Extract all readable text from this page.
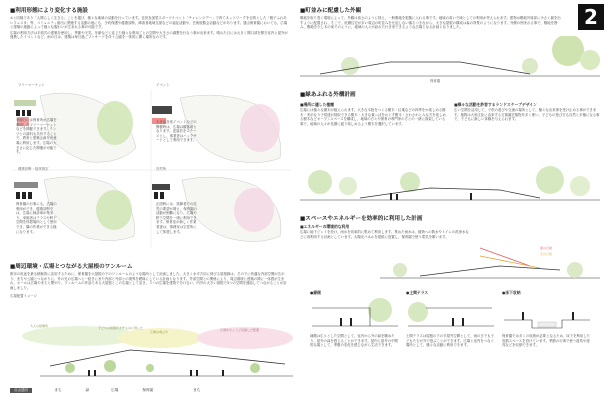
2
■利用形態により変化する施設
①と同様であり「人間らしく生きる」ことを掲げ、様々な地域の活動を行っています。住民参加型スポーツイベント「チャレンジデー」子育てネットワークを目的とした「親子ふれあいフェスタ」等、コミュニティ創出に関連する活動の他にも、予約保護や健康診断、障害者地域支援などの福祉活動や、芸術展覧会活動などがあります。通山保育園においても、広場と建築の連動によって様々な賑わいが生まれる事が可能です。
広場の利用方法は平面式の建築を使用し、季節や天気、年齢などに応じた様々な利用ごとの空間や大きさの調整を行なう事が出来ます。晴れた日には大きく開口部を開き室内と屋外が連携したイベントなど、雨の日は、建築は毎日過ごファサードを伴う公園を一体的に開く場所なのです。
フリーマーケット	イベント
健康診断・接体指定	託児所
来館日には保育所が広場を利用したフリーマーケットなどを開催できます。テンツとの資料も共有することで、教育と建築企画を有意義に利用します。広場の大きさに応じた開催が可能です。
大きな音楽イベントなどの開催時は、広場は観客席となります。逆雇若をステージとし、事業者はバックサードとして利用できます。
保育園の行事にも、広場の利用ができ、健康診断では、広場に検診車が集まり、来館者はテラスや軒下空間を休憩場所として使用でき、隣の作業ができる様になります。
正面時には、旅障者での託児の要望が増え、保育園の活動が困難になり、広場や軒下空間を一緒に利用できます。保育室が新しく作業者達は、事務室は空雲所にして休憩します。
■周辺環境・広場とつながる大屋根のワンルーム
都市の用途を最も積極的に活用するために、保育園を大屋根の下のワンルームのような場所として計画しました。大きく水平方向に伸びる屋根線は、その下に快適な内部空間が広がり、まちや公園とつながりに、外の光の広場へと一続きにまた内部と外部との境界を曖昧にしている計画となります。外部空間との関係により、周辺環境と建築の間に一体感が生まれ、ホールは広場やまちと繋がり、ワンルームの作品である大屋根とこの広場として活き、３つの広場を建物で分け合い、内外の大きい屋根で3つの空間を連結してつながることが計画しました。
広場配置イメージ
大人の居場所	子どもの居場所を作るのに用いた
広場の遊び方	広場をちょうど区画した配置
点山通川	まち	緑	広場	保育園	まち
■町並みに配慮した外観
敷地を取り巻く環境によって、外観は高さのように抑え、一般敷地を根拠に入れる事です。地域の高いで域としての利用が考えられます。建物は敷地外周部に小さく揃を出すように配置され、そこで、低層住宅が多い周辺の町並みを圧迫しない落ちつきながら、大きな屋根の構成は森の背景のようになります。外側の囲まれる事で、敷地を囲み、敷地を少し木の前でのように、地域の人々が訪れた行き来できるような広場となる計画となりました。
保育園
■緑あふれる外構計画
■場所に適した植種
広場には様々な樹木が植えられます。大きな木陰をつくる樹木・紅葉などの四季をか楽しめる樹木・実がなり子供達が採取できる樹木・大きな葉っぱをおとす樹木・さわさわとみな方を楽しめる樹木などオープンスペースを構成し、地域の方々や保育の専門家の方との一緒に探索している事で、地域の人々が長期に渡り楽しめるよう樹木を選択しています。
■様々な活動を許容するランドスケープデザイン
広い空間を活用して、子供の遊びや交流の場所として、様々な出来事を受け止める事ができます。植物は大和文化に由来する古典園芸植物を多く使い、子どもの遊び方も自然と多様になる事で、子どもに新しい体験を与えられます。
■スペースやエネルギーを効率的に利用した計画
■エネルギーの環境的な利用
広場に地下ピットを設け、雨水を効率的に集めて利用します。集めた雨水は、植物への散水やトイレの洗浄水などに再利用する計画としています。太陽光パネルを屋根に設置し、保育園で使う電気を賄います。
夏の日射
冬の日射
●緑側
縁側は広々とした空間として、室内から外の緑を眺めたり、屋外の緑を感じることができます。屋内と屋外の中間的な場として、季節の変化を感じながら生活できます。
●土間テラス
土間テラスは屋根の下の半屋外空間として、雨の日でも子どもたちが外で遊ぶことができます。広場と室内をつなぐ場所として、様々な活動に利用できます。
●床下収納
保育園では多くの収納が必要となるため、床下を利用した収納スペースを設けています。季節の行事で使う道具や遊具などを収納できます。
